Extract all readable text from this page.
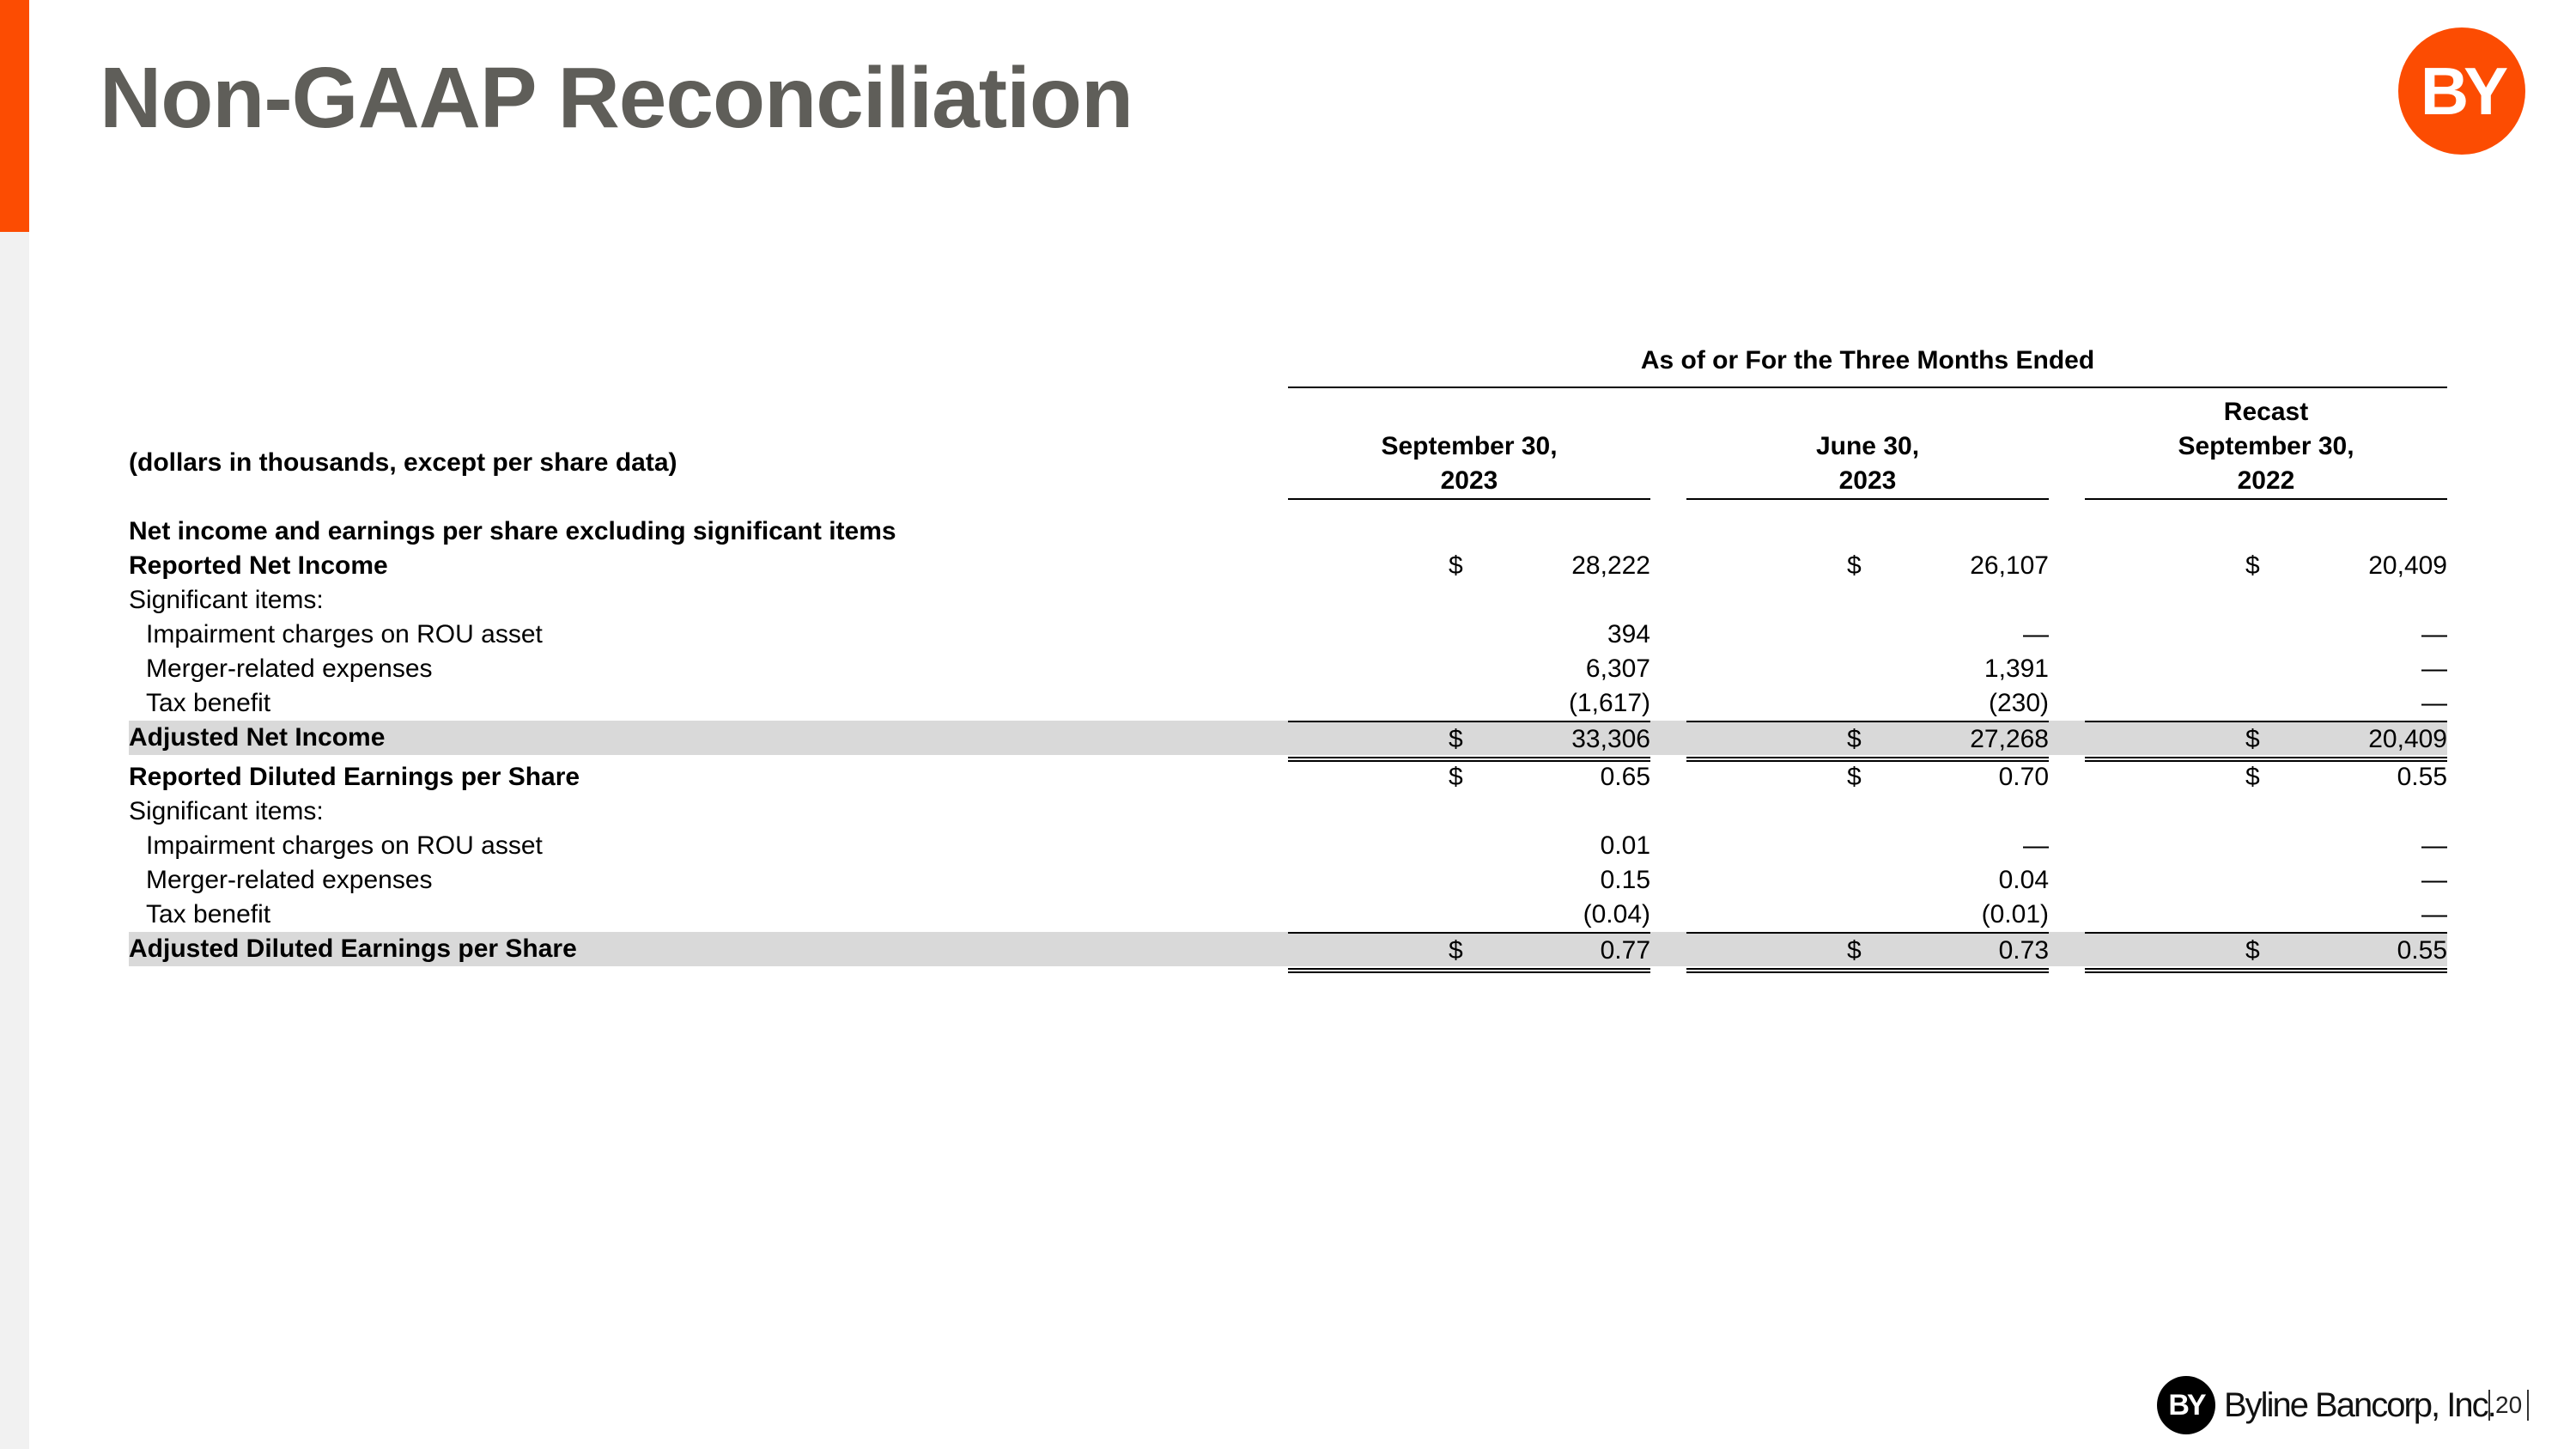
Non-GAAP Reconciliation	BY
As of or For the Three Months Ended
September 30,
2023
June 30,
2023
Recast
September 30,
2022
(dollars in thousands, except per share data)
Net income and earnings per share excluding significant items
Reported Net Income	$	28,222	$	26,107	$	20,409
Significant items:
Impairment charges on ROU asset	394	—	—
Merger-related expenses	6,307	1,391	—
Tax benefit	(1,617)	(230)	—
Adjusted Net Income	$	33,306	$	27,268	$	20,409
Reported Diluted Earnings per Share	$	0.65	$	0.70	$	0.55
Significant items:
Impairment charges on ROU asset	0.01	—	—
Merger-related expenses	0.15	0.04	—
Tax benefit	(0.04)	(0.01)	—
Adjusted Diluted Earnings per Share	$	0.77	$	0.73	$	0.55
BY Byline Bancorp, Inc. 20
